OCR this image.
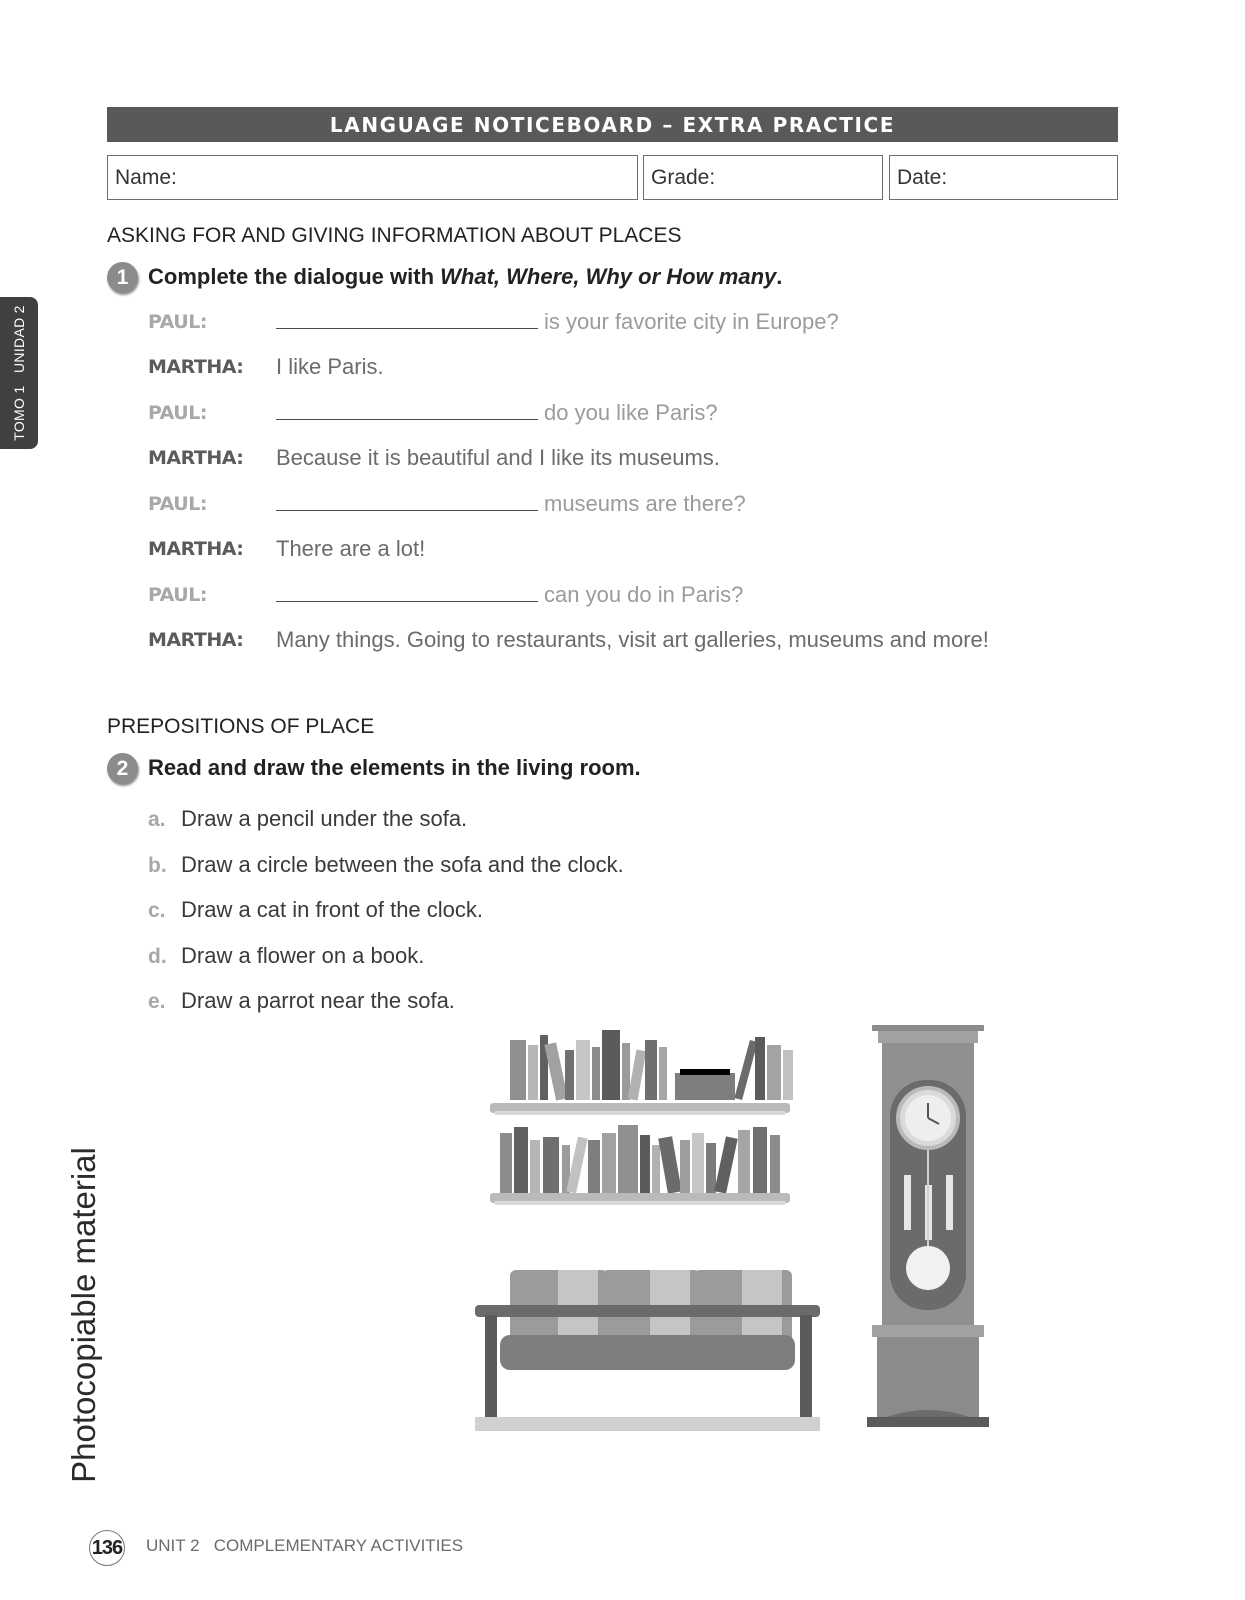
LANGUAGE NOTICEBOARD – EXTRA PRACTICE
Name:	Grade:	Date:
TOMO 1   UNIDAD 2
Photocopiable material
ASKING FOR AND GIVING INFORMATION ABOUT PLACES
1 Complete the dialogue with What, Where, Why or How many.
PAUL:	is your favorite city in Europe?
MARTHA: I like Paris.
PAUL:	do you like Paris?
MARTHA: Because it is beautiful and I like its museums.
PAUL:	museums are there?
MARTHA: There are a lot!
PAUL:	can you do in Paris?
MARTHA: Many things. Going to restaurants, visit art galleries, museums and more!
PREPOSITIONS OF PLACE
2 Read and draw the elements in the living room.
a. Draw a pencil under the sofa.
b. Draw a circle between the sofa and the clock.
c. Draw a cat in front of the clock.
d. Draw a flower on a book.
e. Draw a parrot near the sofa.
136 UNIT 2   COMPLEMENTARY ACTIVITIES
